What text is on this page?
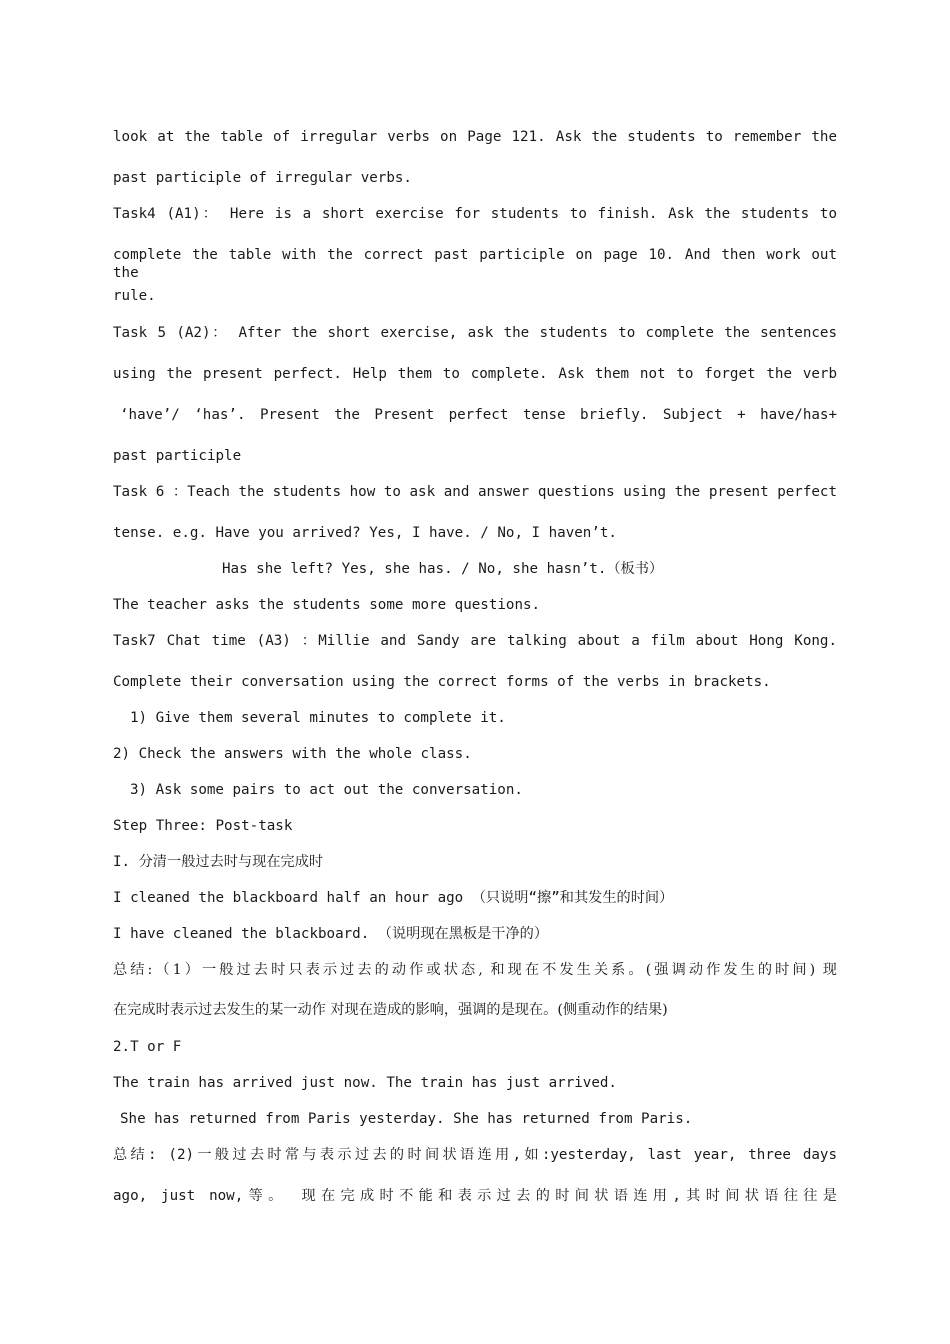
look at the table of irregular verbs on Page 121. Ask the students to remember the

past participle of irregular verbs.

Task4 (A1)： Here is a short exercise for students to finish. Ask the students to

complete the table with the correct past participle on page 10. And then work out the

rule.

Task 5 (A2)： After the short exercise, ask the students to complete the sentences

using the present perfect. Help them to complete. Ask them not to forget the verb

‘have’/ ‘has’. Present the Present perfect tense briefly. Subject + have/has+

past participle

Task 6 ：Teach the students how to ask and answer questions using the present perfect

tense. e.g. Have you arrived? Yes, I have. / No, I haven’t.

Has she left? Yes, she has. / No, she hasn’t.（板书）

The teacher asks the students some more questions.

Task7 Chat time (A3) ：Millie and Sandy are talking about a film about Hong Kong.

Complete their conversation using the correct forms of the verbs in brackets.

1) Give them several minutes to complete it.

2) Check the answers with the whole class.

3) Ask some pairs to act out the conversation.

Step Three: Post-task

I. 分清一般过去时与现在完成时

I cleaned the blackboard half an hour ago （只说明“擦”和其发生的时间）

I have cleaned the blackboard. （说明现在黑板是干净的）

总结:（1）一般过去时只表示过去的动作或状态, 和现在不发生关系。(强调动作发生的时间) 现

在完成时表示过去发生的某一动作 对现在造成的影响，强调的是现在。(侧重动作的结果)

2.T or F

The train has arrived just now. The train has just arrived.

She has returned from Paris yesterday. She has returned from Paris.

总结: (2)一般过去时常与表示过去的时间状语连用,如:yesterday, last year, three days

ago, just now,等。 现在完成时不能和表示过去的时间状语连用,其时间状语往往是
